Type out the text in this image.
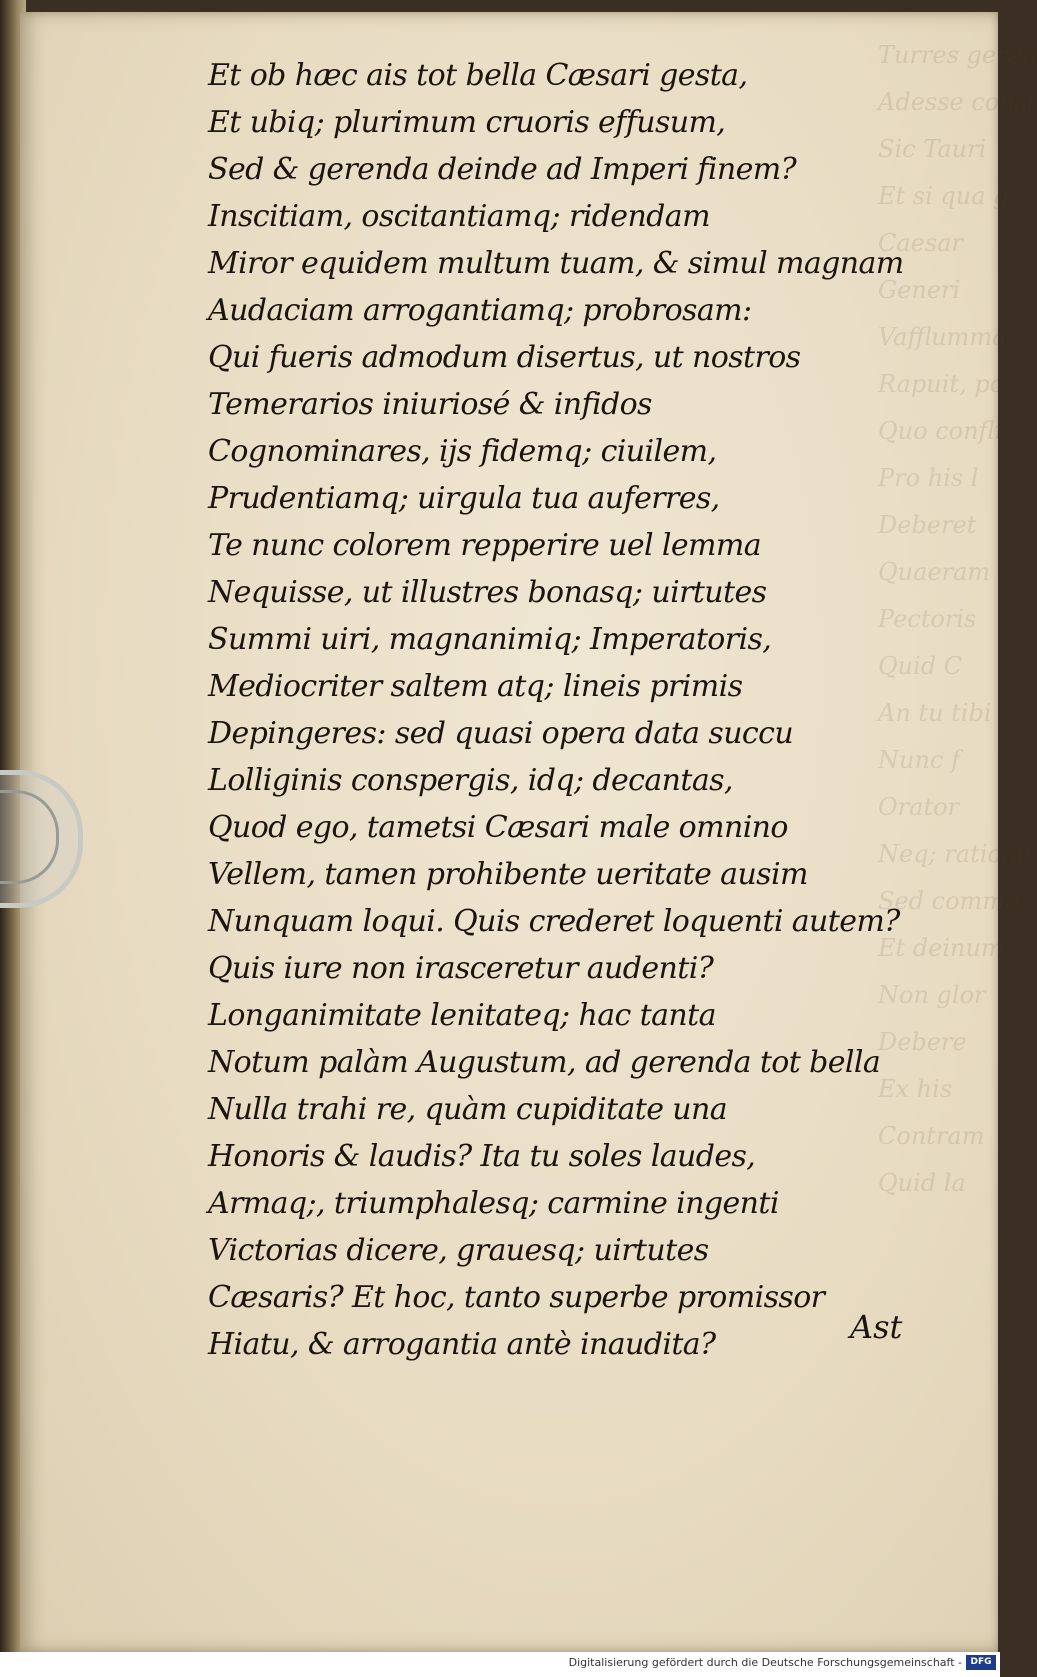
Turres geren
Adesse consi
Sic Tauri
Et si qua g
Caesar
Generi
Vafflumma
Rapuit, po
Quo confli
Pro his l
Deberet
Quaeram
Pectoris
Quid C
An tu tibi
Nunc f
Orator
Neq; ratione
Sed commo
Et deinum
Non glor
Debere
Ex his
Contram
Quid la
Et ob hæc ais tot bella Cæsari gesta,
Et ubiq; plurimum cruoris effusum,
Sed & gerenda deinde ad Imperi finem?
Inscitiam, oscitantiamq; ridendam
Miror equidem multum tuam, & simul magnam
Audaciam arrogantiamq; probrosam:
Qui fueris admodum disertus, ut nostros
Temerarios iniuriosé & infidos
Cognominares, ijs fidemq; ciuilem,
Prudentiamq; uirgula tua auferres,
Te nunc colorem repperire uel lemma
Nequisse, ut illustres bonasq; uirtutes
Summi uiri, magnanimiq; Imperatoris,
Mediocriter saltem atq; lineis primis
Depingeres: sed quasi opera data succu
Lolliginis conspergis, idq; decantas,
Quod ego, tametsi Cæsari male omnino
Vellem, tamen prohibente ueritate ausim
Nunquam loqui. Quis crederet loquenti autem?
Quis iure non irasceretur audenti?
Longanimitate lenitateq; hac tanta
Notum palàm Augustum, ad gerenda tot bella
Nulla trahi re, quàm cupiditate una
Honoris & laudis? Ita tu soles laudes,
Armaq;, triumphalesq; carmine ingenti
Victorias dicere, grauesq; uirtutes
Cæsaris? Et hoc, tanto superbe promissor
Hiatu, & arrogantia antè inaudita?	Ast
Digitalisierung gefördert durch die Deutsche Forschungsgemeinschaft - DFG
